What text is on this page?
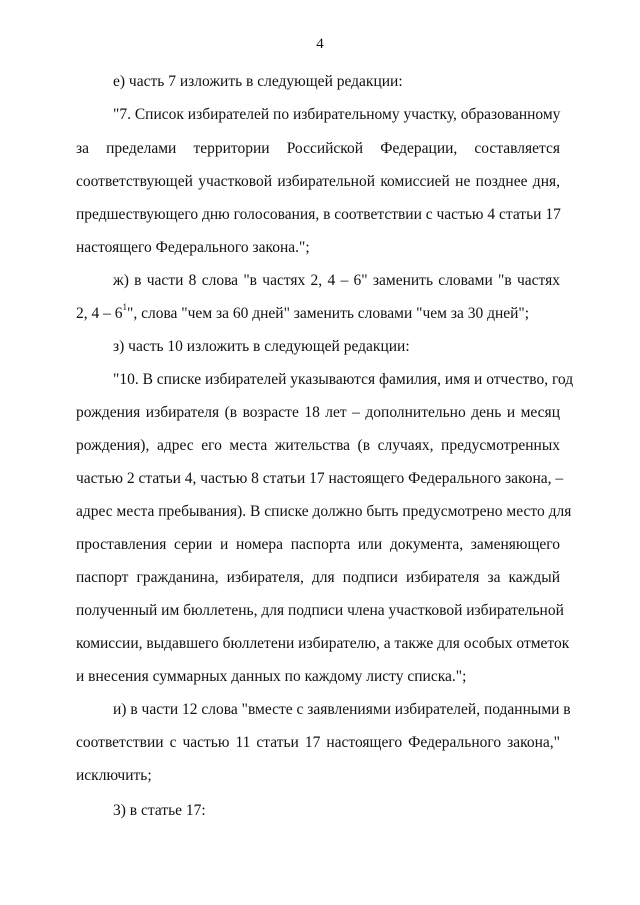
4
е) часть 7 изложить в следующей редакции:
"7. Список избирателей по избирательному участку, образованному
за пределами территории Российской Федерации, составляется
соответствующей участковой избирательной комиссией не позднее дня,
предшествующего дню голосования, в соответствии с частью 4 статьи 17
настоящего Федерального закона.";
ж) в части 8 слова "в частях 2, 4 – 6" заменить словами "в частях
2, $4 - 6^1$", слова "чем за 60 дней" заменить словами "чем за 30 дней";
з) часть 10 изложить в следующей редакции:
"10. В списке избирателей указываются фамилия, имя и отчество, год
рождения избирателя (в возрасте 18 лет – дополнительно день и месяц
рождения), адрес его места жительства (в случаях, предусмотренных
частью 2 статьи 4, частью 8 статьи 17 настоящего Федерального закона, –
адрес места пребывания). В списке должно быть предусмотрено место для
проставления серии и номера паспорта или документа, заменяющего
паспорт гражданина, избирателя, для подписи избирателя за каждый
полученный им бюллетень, для подписи члена участковой избирательной
комиссии, выдавшего бюллетени избирателю, а также для особых отметок
и внесения суммарных данных по каждому листу списка.";
и) в части 12 слова "вместе с заявлениями избирателей, поданными в
соответствии с частью 11 статьи 17 настоящего Федерального закона,"
исключить;
3) в статье 17:
